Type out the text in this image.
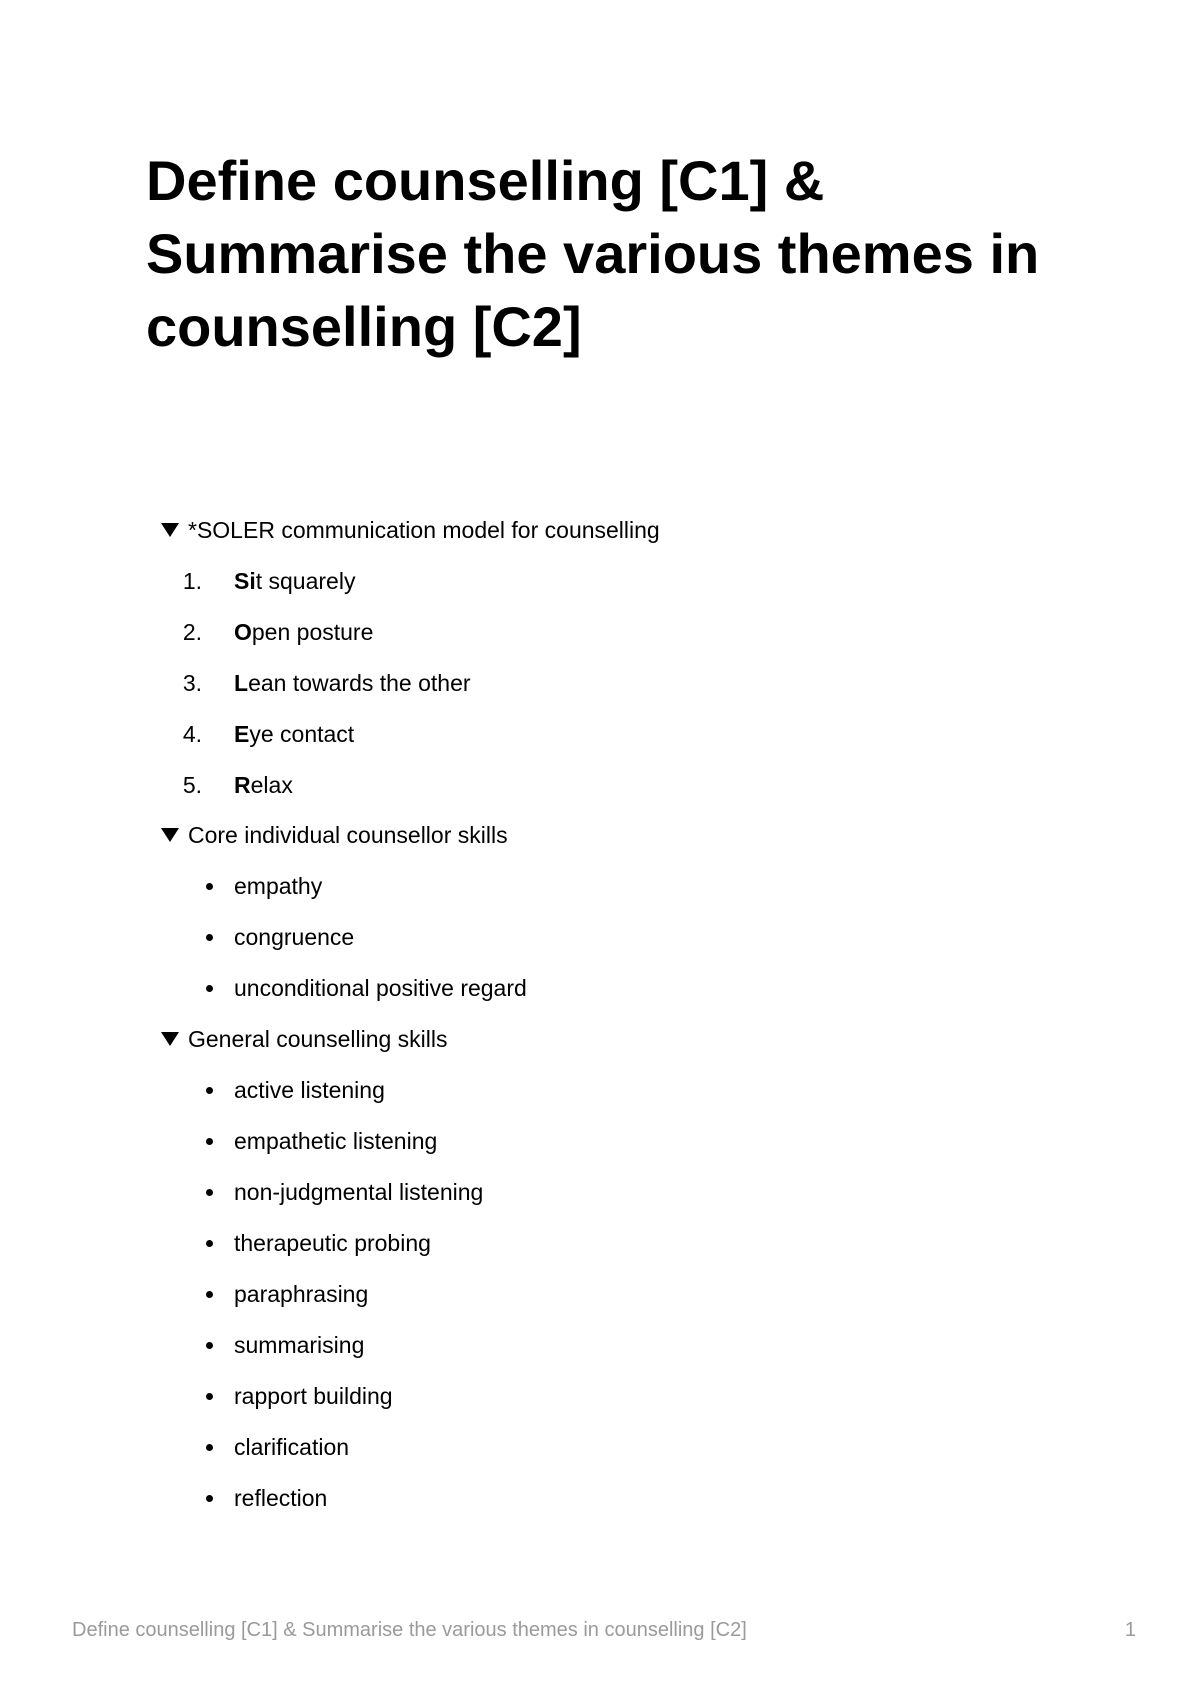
Define counselling [C1] & Summarise the various themes in counselling [C2]
*SOLER communication model for counselling
1. Sit squarely
2. Open posture
3. Lean towards the other
4. Eye contact
5. Relax
Core individual counsellor skills
empathy
congruence
unconditional positive regard
General counselling skills
active listening
empathetic listening
non-judgmental listening
therapeutic probing
paraphrasing
summarising
rapport building
clarification
reflection
Define counselling [C1] & Summarise the various themes in counselling [C2]	1
